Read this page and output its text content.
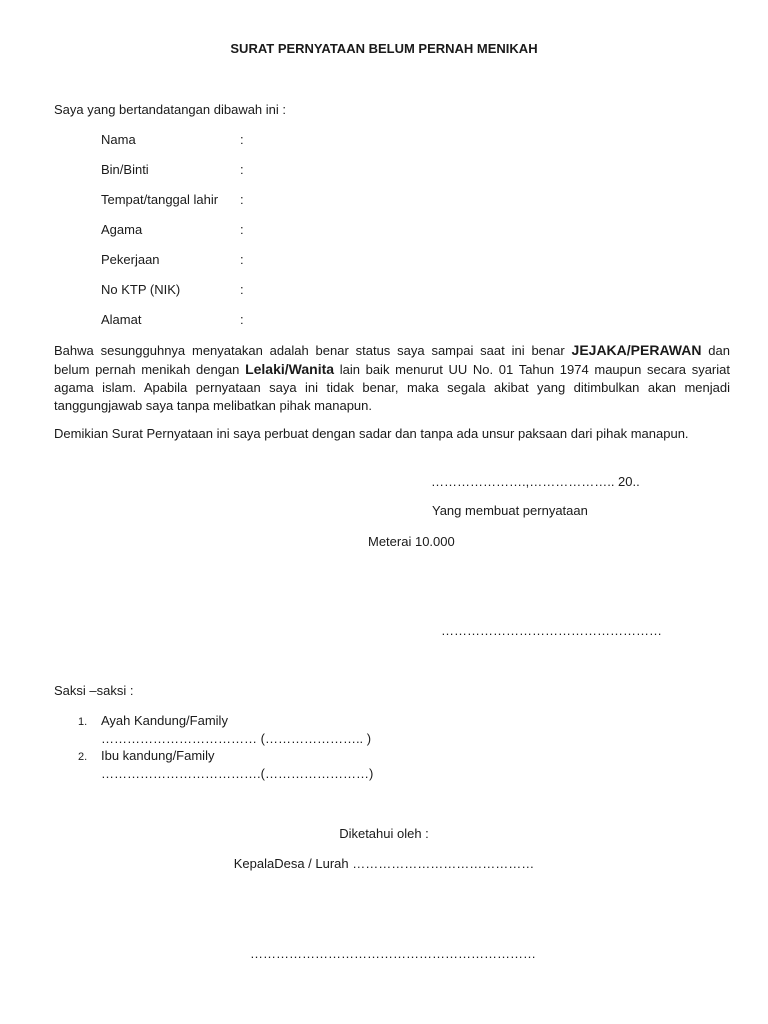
SURAT PERNYATAAN BELUM PERNAH MENIKAH
Saya yang bertandatangan dibawah ini :
Nama	:
Bin/Binti	:
Tempat/tanggal lahir :
Agama	:
Pekerjaan	:
No KTP (NIK)	:
Alamat	:
Bahwa sesungguhnya menyatakan adalah benar status saya sampai saat ini benar JEJAKA/PERAWAN dan belum pernah menikah dengan Lelaki/Wanita lain baik menurut UU No. 01 Tahun 1974 maupun secara syariat agama islam. Apabila pernyataan saya ini tidak benar, maka segala akibat yang ditimbulkan akan menjadi tanggungjawab saya tanpa melibatkan pihak manapun.
Demikian Surat Pernyataan ini saya perbuat dengan sadar dan tanpa ada unsur paksaan dari pihak manapun.
………………….,……………….. 20..
Yang membuat pernyataan
Meterai 10.000
……………………………………………
Saksi –saksi :
1. Ayah Kandung/Family
……………………………… (………………….. )
2. Ibu kandung/Family
……………………………….(……………………)
Diketahui oleh :
KepalaDesa / Lurah ……………………………………
…………………………………………………………
